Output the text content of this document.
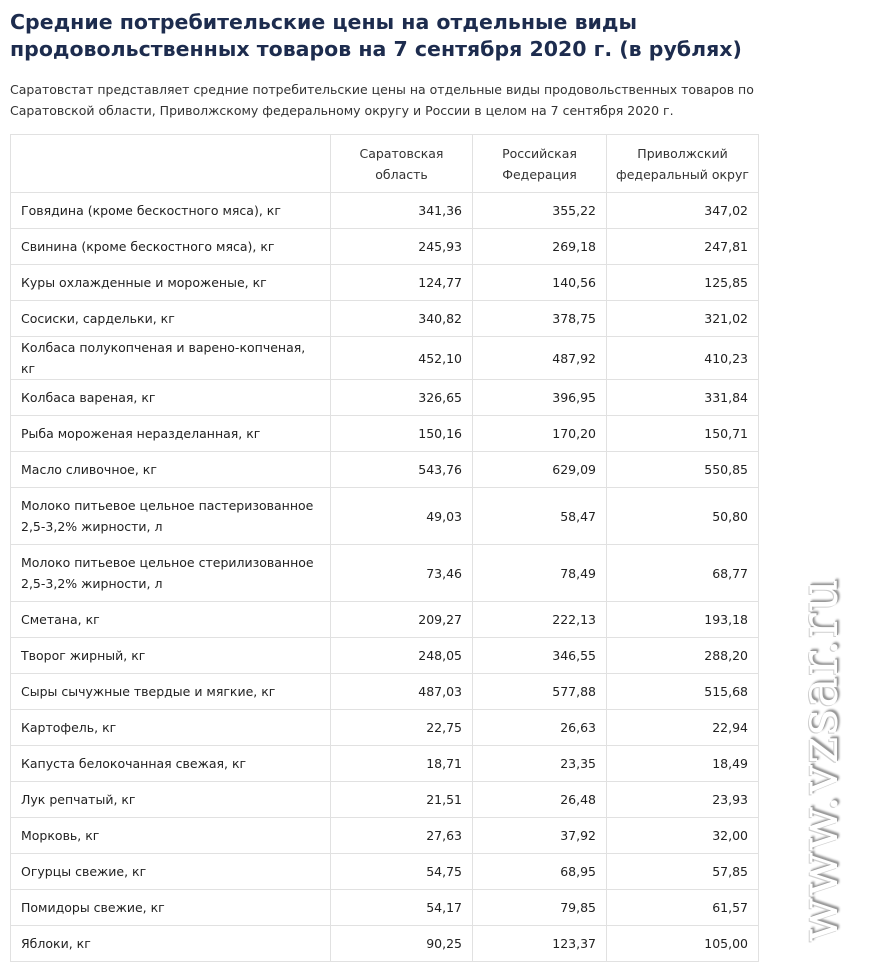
Средние потребительские цены на отдельные виды продовольственных товаров на 7 сентября 2020 г. (в рублях)
Саратовстат представляет средние потребительские цены на отдельные виды продовольственных товаров по Саратовской области, Приволжскому федеральному округу и России в целом на 7 сентября 2020 г.
	Саратовская область	Российская Федерация	Приволжский федеральный округ
Говядина (кроме бескостного мяса), кг	341,36	355,22	347,02
Свинина (кроме бескостного мяса), кг	245,93	269,18	247,81
Куры охлажденные и мороженые, кг	124,77	140,56	125,85
Сосиски, сардельки, кг	340,82	378,75	321,02
Колбаса полукопченая и варено-копченая, кг	452,10	487,92	410,23
Колбаса вареная, кг	326,65	396,95	331,84
Рыба мороженая неразделанная, кг	150,16	170,20	150,71
Масло сливочное, кг	543,76	629,09	550,85
Молоко питьевое цельное пастеризованное 2,5-3,2% жирности, л	49,03	58,47	50,80
Молоко питьевое цельное стерилизованное 2,5-3,2% жирности, л	73,46	78,49	68,77
Сметана, кг	209,27	222,13	193,18
Творог жирный, кг	248,05	346,55	288,20
Сыры сычужные твердые и мягкие, кг	487,03	577,88	515,68
Картофель, кг	22,75	26,63	22,94
Капуста белокочанная свежая, кг	18,71	23,35	18,49
Лук репчатый, кг	21,51	26,48	23,93
Морковь, кг	27,63	37,92	32,00
Огурцы свежие, кг	54,75	68,95	57,85
Помидоры свежие, кг	54,17	79,85	61,57
Яблоки, кг	90,25	123,37	105,00
www.vzsar.ru
